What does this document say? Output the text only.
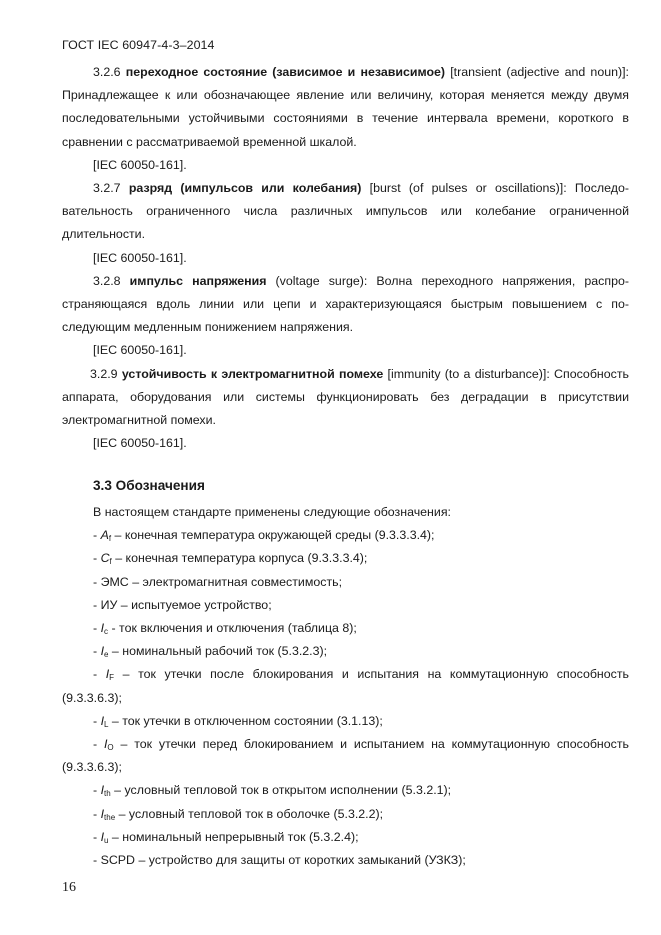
ГОСТ IEC 60947-4-3–2014

3.2.6 переходное состояние (зависимое и независимое) [transient (adjective and noun)]: Принадлежащее к или обозначающее явление или величину, которая меняется между двумя последовательными устойчивыми состояниями в течение интервала времени, короткого в сравнении с рассматриваемой временной шкалой.

[IEC 60050-161].

3.2.7 разряд (импульсов или колебания) [burst (of pulses or oscillations)]: Последовательность ограниченного числа различных импульсов или колебание ограниченной длительности.

[IEC 60050-161].

3.2.8 импульс напряжения (voltage surge): Волна переходного напряжения, распространяющаяся вдоль линии или цепи и характеризующаяся быстрым повышением с последующим медленным понижением напряжения.

[IEC 60050-161].

3.2.9 устойчивость к электромагнитной помехе [immunity (to a disturbance)]: Способность аппарата, оборудования или системы функционировать без деградации в присутствии электромагнитной помехи.

[IEC 60050-161].

3.3 Обозначения

В настоящем стандарте применены следующие обозначения:

- $A_f$ – конечная температура окружающей среды (9.3.3.3.4);

- $C_f$ – конечная температура корпуса (9.3.3.3.4);

- ЭМС – электромагнитная совместимость;

- ИУ – испытуемое устройство;

- $I_c$ - ток включения и отключения (таблица 8);

- $I_e$ – номинальный рабочий ток (5.3.2.3);

- $I_F$ – ток утечки после блокирования и испытания на коммутационную способность (9.3.3.6.3);

- $I_L$ – ток утечки в отключенном состоянии (3.1.13);

- $I_O$ – ток утечки перед блокированием и испытанием на коммутационную способность (9.3.3.6.3);

- $I_{th}$ – условный тепловой ток в открытом исполнении (5.3.2.1);

- $I_{the}$ – условный тепловой ток в оболочке (5.3.2.2);

- $I_u$ – номинальный непрерывный ток (5.3.2.4);

- SCPD – устройство для защиты от коротких замыканий (УЗКЗ);

16
